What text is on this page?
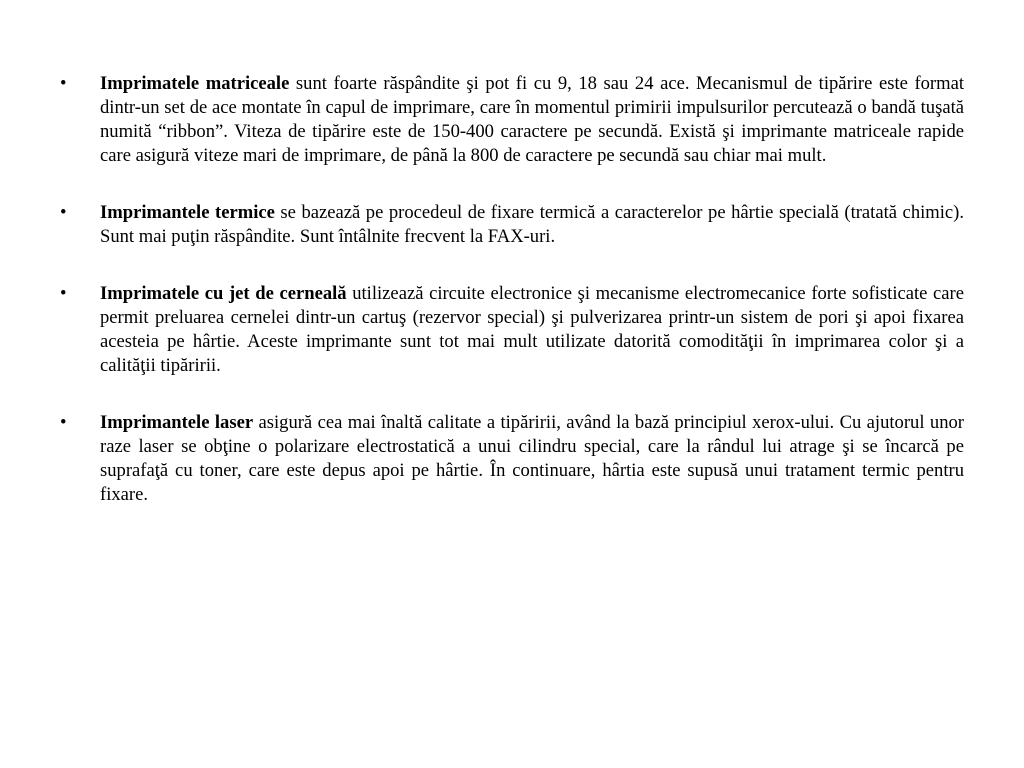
•	Imprimatele matriceale sunt foarte răspândite şi pot fi cu 9, 18 sau 24 ace. Mecanismul de tipărire este format dintr-un set de ace montate în capul de imprimare, care în momentul primirii impulsurilor percutează o bandă tuşată numită “ribbon”. Viteza de tipărire este de 150-400 caractere pe secundă. Există şi imprimante matriceale rapide care asigură viteze mari de imprimare, de până la 800 de caractere pe secundă sau chiar mai mult.
•	Imprimantele termice se bazează pe procedeul de fixare termică a caracterelor pe hârtie specială (tratată chimic). Sunt mai puţin răspândite. Sunt întâlnite frecvent la FAX-uri.
•	Imprimatele cu jet de cerneală utilizează circuite electronice şi mecanisme electromecanice forte sofisticate care permit preluarea cernelei dintr-un cartuş (rezervor special) şi pulverizarea printr-un sistem de pori şi apoi fixarea acesteia pe hârtie. Aceste imprimante sunt tot mai mult utilizate datorită comodităţii în imprimarea color şi a calităţii tipăririi.
•	Imprimantele laser asigură cea mai înaltă calitate a tipăririi, având la bază principiul xerox-ului. Cu ajutorul unor raze laser se obţine o polarizare electrostatică a unui cilindru special, care la rândul lui atrage şi se încarcă pe suprafaţă cu toner, care este depus apoi pe hârtie. În continuare, hârtia este supusă unui tratament termic pentru fixare.
